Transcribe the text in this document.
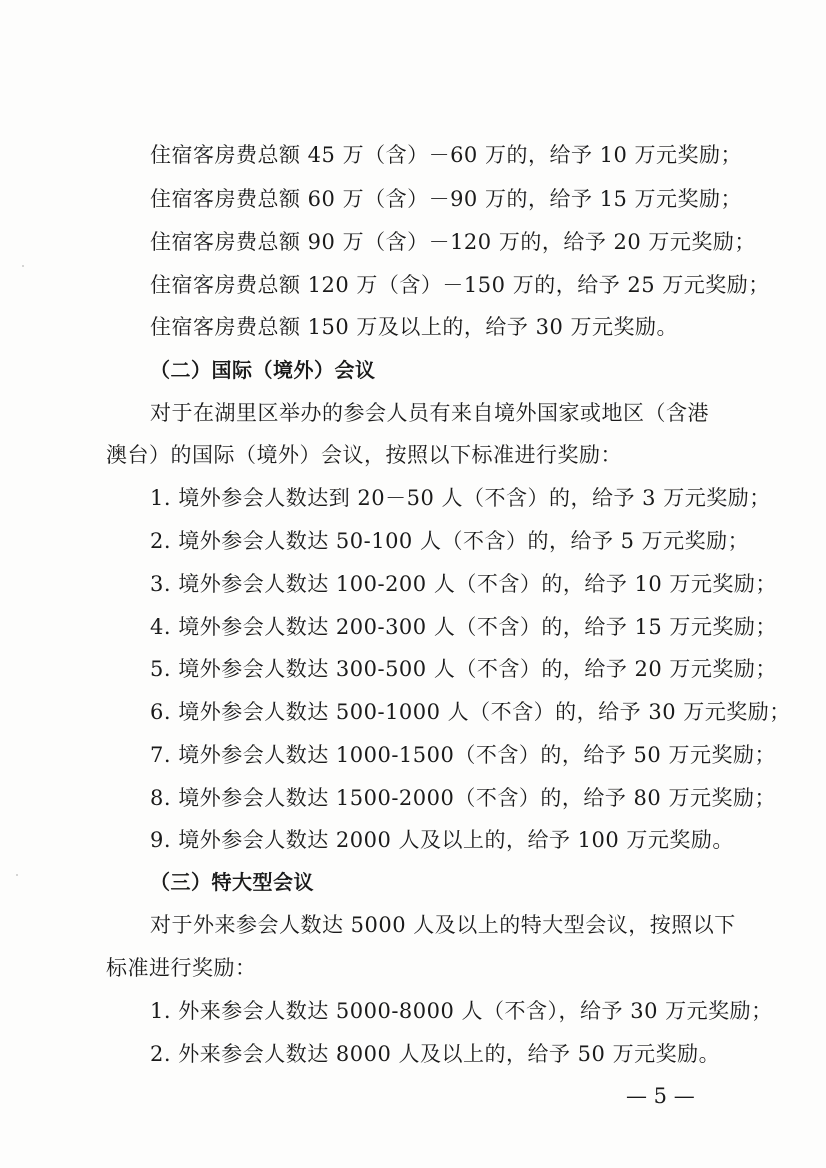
住宿客房费总额 45 万（含）－60 万的，给予 10 万元奖励；
住宿客房费总额 60 万（含）－90 万的，给予 15 万元奖励；
住宿客房费总额 90 万（含）－120 万的，给予 20 万元奖励；
住宿客房费总额 120 万（含）－150 万的，给予 25 万元奖励；
住宿客房费总额 150 万及以上的，给予 30 万元奖励。
（二）国际（境外）会议
对于在湖里区举办的参会人员有来自境外国家或地区（含港
澳台）的国际（境外）会议，按照以下标准进行奖励：
1. 境外参会人数达到 20－50 人（不含）的，给予 3 万元奖励；
2. 境外参会人数达 50-100 人（不含）的，给予 5 万元奖励；
3. 境外参会人数达 100-200 人（不含）的，给予 10 万元奖励；
4. 境外参会人数达 200-300 人（不含）的，给予 15 万元奖励；
5. 境外参会人数达 300-500 人（不含）的，给予 20 万元奖励；
6. 境外参会人数达 500-1000 人（不含）的，给予 30 万元奖励；
7. 境外参会人数达 1000-1500（不含）的，给予 50 万元奖励；
8. 境外参会人数达 1500-2000（不含）的，给予 80 万元奖励；
9. 境外参会人数达 2000 人及以上的，给予 100 万元奖励。
（三）特大型会议
对于外来参会人数达 5000 人及以上的特大型会议，按照以下
标准进行奖励：
1. 外来参会人数达 5000-8000 人（不含），给予 30 万元奖励；
2. 外来参会人数达 8000 人及以上的，给予 50 万元奖励。
— 5 —
